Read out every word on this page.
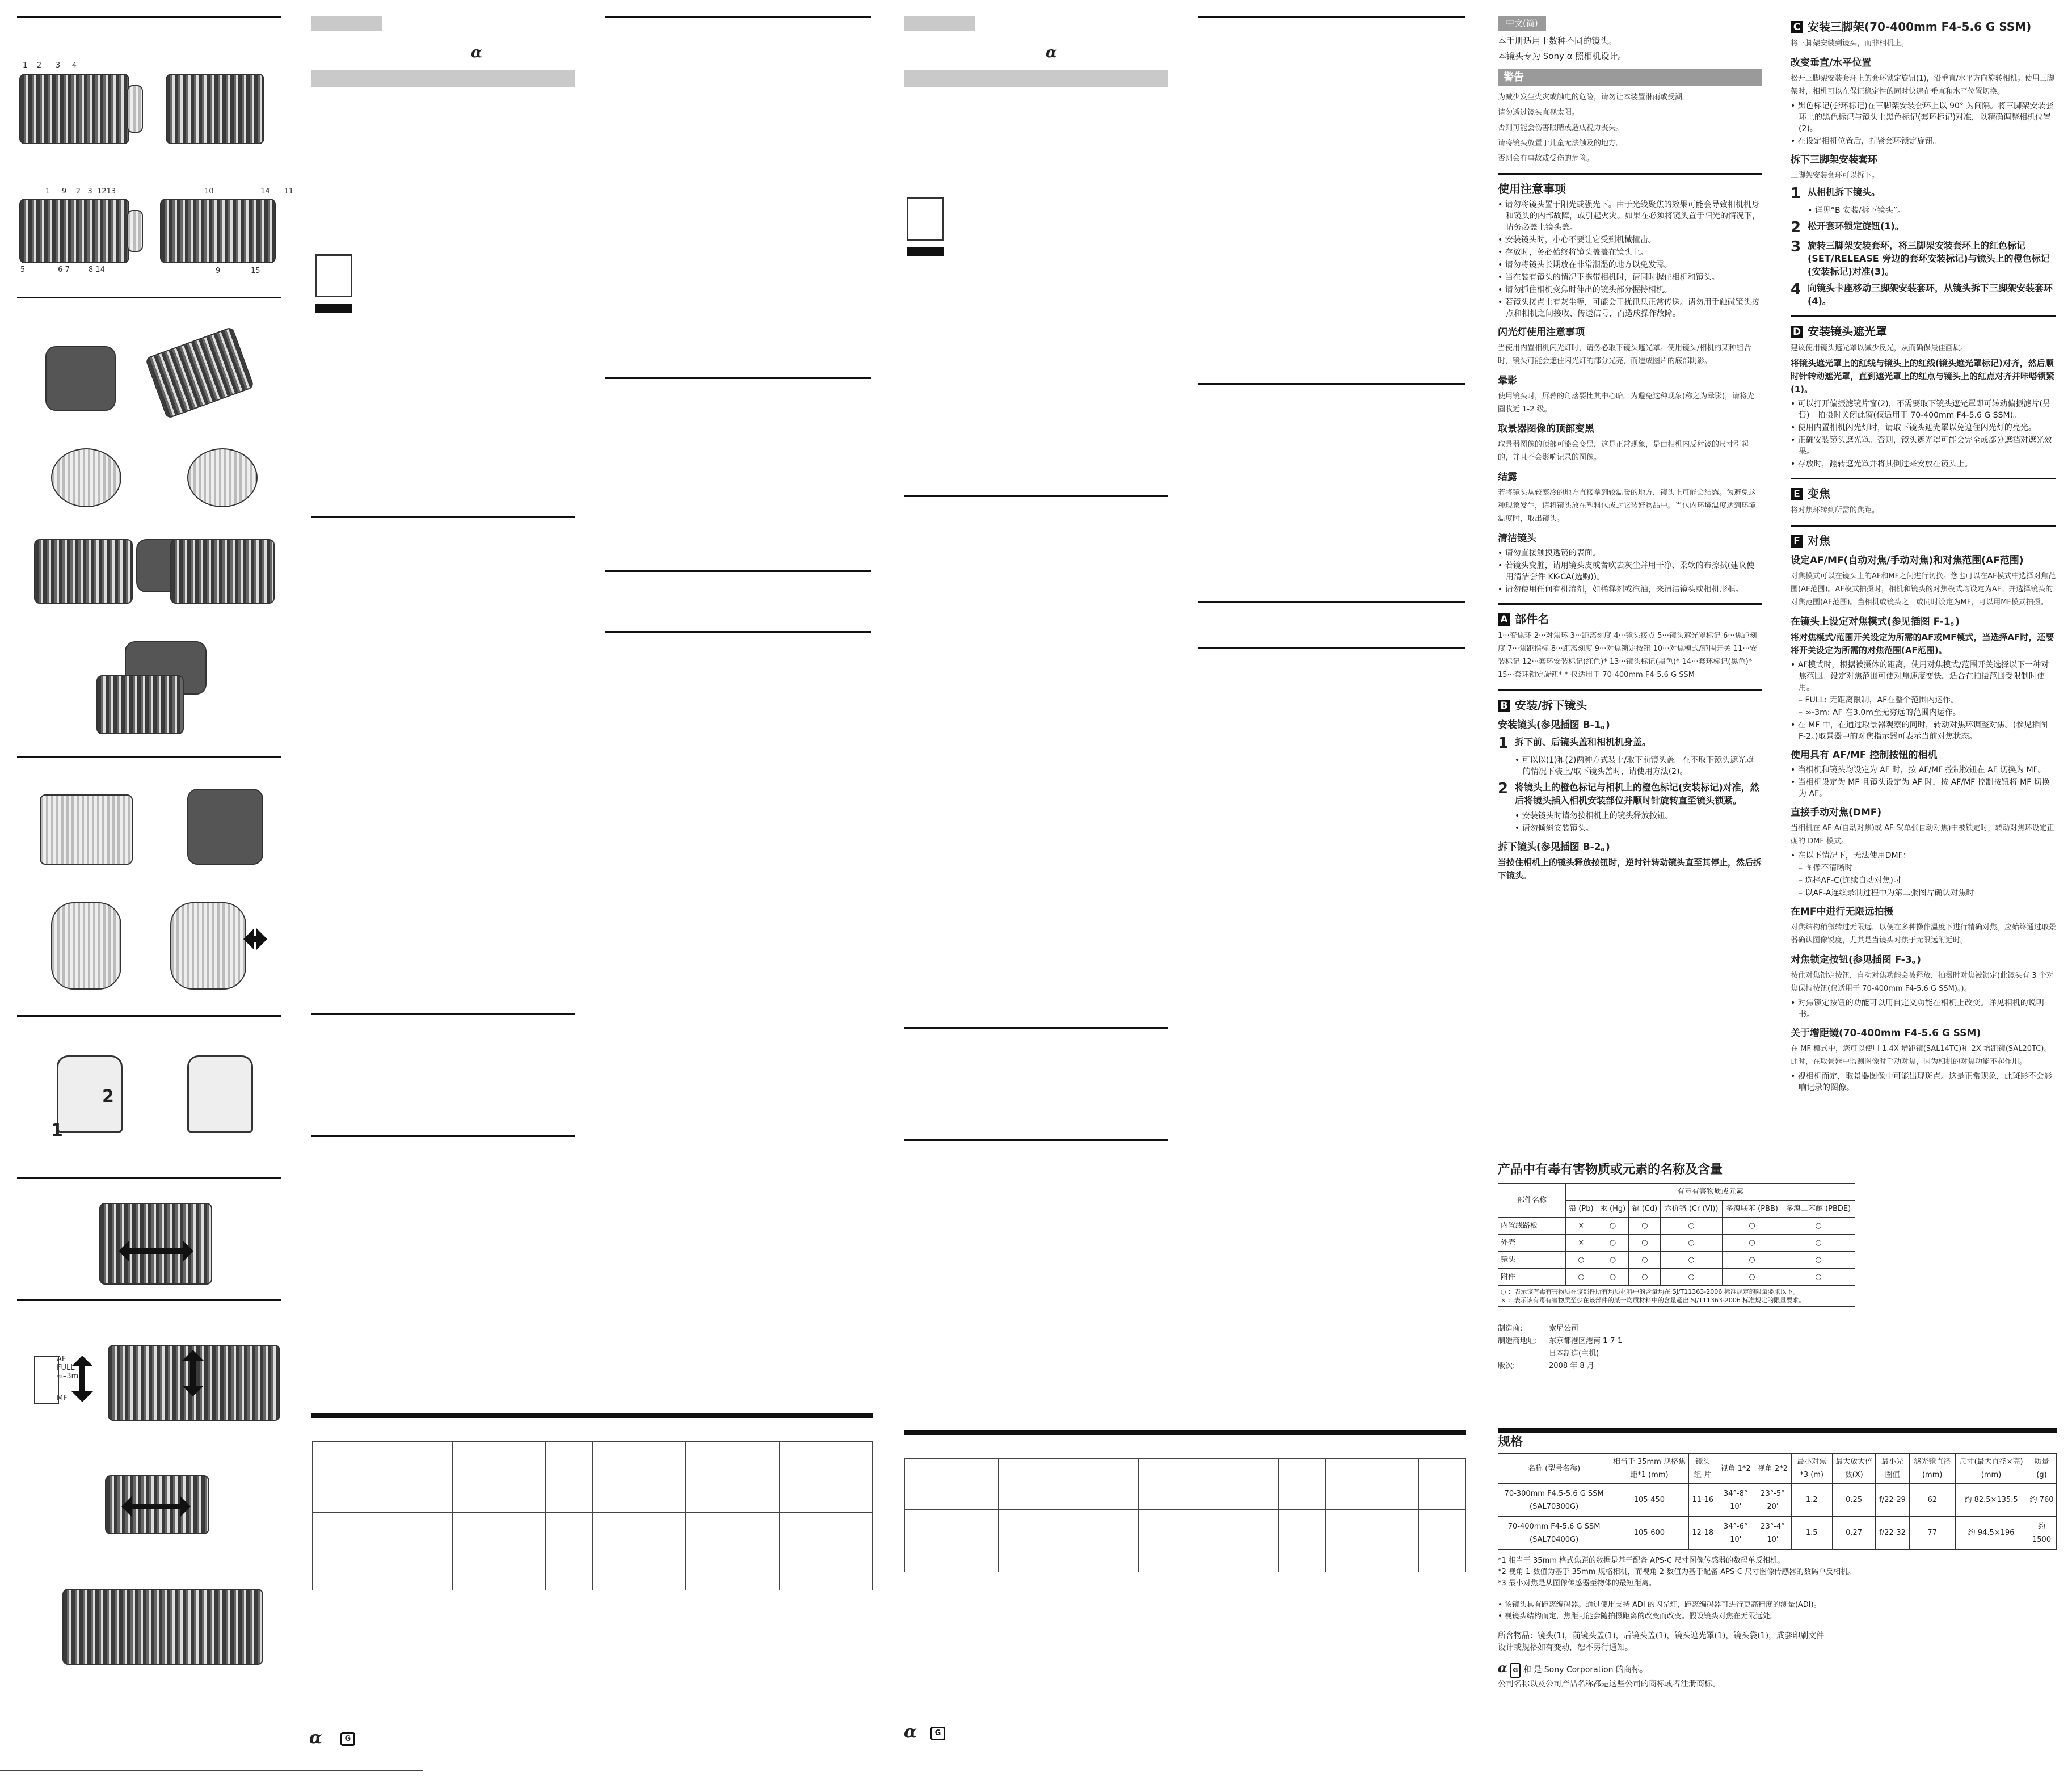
1 2 3 4
1 9 2 3 1213
5	6 7	8 14
10	14 11
9	15
2
1
AF
FULL
∞–3m
MF
α	G
α

α	G
α

中文(简)

本手册适用于数种不同的镜头。

本镜头专为 Sony α 照相机设计。

警告

为减少发生火灾或触电的危险，请勿让本装置淋雨或受潮。

请勿透过镜头直视太阳。

否则可能会伤害眼睛或造成视力丧失。

请将镜头放置于儿童无法触及的地方。

否则会有事故或受伤的危险。

使用注意事项
• 请勿将镜头置于阳光或强光下。由于光线聚焦的效果可能会导致相机机身和镜头的内部故障，或引起火灾。如果在必须将镜头置于阳光的情况下，请务必盖上镜头盖。
• 安装镜头时，小心不要让它受到机械撞击。
• 存放时，务必始终将镜头盖盖在镜头上。
• 请勿将镜头长期放在非常潮湿的地方以免发霉。
• 当在装有镜头的情况下携带相机时，请同时握住相机和镜头。
• 请勿抓住相机变焦时伸出的镜头部分握持相机。
• 若镜头接点上有灰尘等，可能会干扰讯息正常传送。请勿用手触碰镜头接点和相机之间接收、传送信号，而造成操作故障。
闪光灯使用注意事项

当使用内置相机闪光灯时，请务必取下镜头遮光罩。使用镜头/相机的某种组合时，镜头可能会遮住闪光灯的部分光亮，而造成图片的底部阴影。

晕影

使用镜头时，屏幕的角落要比其中心暗。为避免这种现象(称之为晕影)，请将光圈收近 1-2 级。

取景器图像的顶部变黑

取景器图像的顶部可能会变黑，这是正常现象，是由相机内反射镜的尺寸引起的，并且不会影响记录的图像。

结露

若将镜头从较寒冷的地方直接拿到较温暖的地方，镜头上可能会结露。为避免这种现象发生，请将镜头放在塑料包或封它装好物品中。当包内环境温度达到环境温度时，取出镜头。

清洁镜头
• 请勿直接触摸透镜的表面。
• 若镜头变脏，请用镜头皮或者吹去灰尘并用干净、柔软的布擦拭(建议使用清洁套件 KK-CA(选购))。
• 请勿使用任何有机溶剂，如稀释剂或汽油，来清洁镜头或相机形框。
A 部件名

1···变焦环 2···对焦环 3···距离刻度 4···镜头接点 5···镜头遮光罩标记 6···焦距刻度 7···焦距指标 8···距离刻度 9···对焦锁定按钮 10···对焦模式/范围开关 11···安装标记 12···套环安装标记(红色)* 13···镜头标记(黑色)* 14···套环标记(黑色)* 15···套环锁定旋钮* * 仅适用于 70-400mm F4-5.6 G SSM

B 安装/拆下镜头
安装镜头(参见插图 B-1。)
1 拆下前、后镜头盖和相机机身盖。
• 可以以(1)和(2)两种方式装上/取下前镜头盖。在不取下镜头遮光罩的情况下装上/取下镜头盖时，请使用方法(2)。
2 将镜头上的橙色标记与相机上的橙色标记(安装标记)对准，然后将镜头插入相机安装部位并顺时针旋转直至镜头锁紧。
• 安装镜头时请勿按相机上的镜头释放按钮。
• 请勿倾斜安装镜头。
拆下镜头(参见插图 B-2。)

当按住相机上的镜头释放按钮时，逆时针转动镜头直至其停止，然后拆下镜头。

C 安装三脚架(70-400mm F4-5.6 G SSM)

将三脚架安装到镜头，而非相机上。

改变垂直/水平位置

松开三脚架安装套环上的套环锁定旋钮(1)，沿垂直/水平方向旋转相机。使用三脚架时，相机可以在保证稳定性的同时快速在垂直和水平位置切换。

• 黑色标记(套环标记)在三脚架安装套环上以 90° 为间隔。将三脚架安装套环上的黑色标记与镜头上黑色标记(套环标记)对准，以精确调整相机位置(2)。
• 在设定相机位置后，拧紧套环锁定旋钮。
拆下三脚架安装套环

三脚架安装套环可以拆下。

1 从相机拆下镜头。
• 详见“B 安装/拆下镜头”。
2 松开套环锁定旋钮(1)。
3 旋转三脚架安装套环，将三脚架安装套环上的红色标记(SET/RELEASE 旁边的套环安装标记)与镜头上的橙色标记(安装标记)对准(3)。
4 向镜头卡座移动三脚架安装套环，从镜头拆下三脚架安装套环(4)。
D 安装镜头遮光罩

建议使用镜头遮光罩以减少反光，从而确保最佳画质。

将镜头遮光罩上的红线与镜头上的红线(镜头遮光罩标记)对齐，然后顺时针转动遮光罩，直到遮光罩上的红点与镜头上的红点对齐并咔嗒锁紧(1)。

• 可以打开偏振滤镜片窗(2)，不需要取下镜头遮光罩即可转动偏振滤片(另售)。拍摄时关闭此窗(仅适用于 70-400mm F4-5.6 G SSM)。
• 使用内置相机闪光灯时，请取下镜头遮光罩以免遮住闪光灯的亮光。
• 正确安装镜头遮光罩。否则，镜头遮光罩可能会完全或部分遮挡对遮光效果。
• 存放时，翻转遮光罩并将其倒过来安放在镜头上。
E 变焦

将对焦环转到所需的焦距。

F 对焦
设定AF/MF(自动对焦/手动对焦)和对焦范围(AF范围)

对焦模式可以在镜头上的AF和MF之间进行切换。您也可以在AF模式中选择对焦范围(AF范围)。AF模式拍摄时，相机和镜头的对焦模式均设定为AF。并选择镜头的对焦范围(AF范围)。当相机或镜头之一或同时设定为MF，可以用MF模式拍摄。

在镜头上设定对焦模式(参见插图 F-1。)

将对焦模式/范围开关设定为所需的AF或MF模式，当选择AF时，还要将开关设定为所需的对焦范围(AF范围)。

• AF模式时，根据被摄体的距离，使用对焦模式/范围开关选择以下一种对焦范围。设定对焦范围可使对焦速度变快，适合在拍摄范围受限制时使用。
– FULL: 无距离限制，AF在整个范围内运作。
– ∞-3m: AF 在3.0m至无穷远的范围内运作。
• 在 MF 中，在通过取景器观察的同时，转动对焦环调整对焦。(参见插图 F-2。)取景器中的对焦指示器可表示当前对焦状态。
使用具有 AF/MF 控制按钮的相机
• 当相机和镜头均设定为 AF 时，按 AF/MF 控制按钮在 AF 切换为 MF。
• 当相机设定为 MF 且镜头设定为 AF 时，按 AF/MF 控制按钮将 MF 切换为 AF。
直接手动对焦(DMF)

当相机在 AF-A(自动对焦)或 AF-S(单张自动对焦)中被锁定时，转动对焦环设定正确的 DMF 模式。

• 在以下情况下，无法使用DMF：
– 图像不清晰时
– 选择AF-C(连续自动对焦)时
– 以AF-A连续录制过程中为第二张图片确认对焦时
在MF中进行无限远拍摄

对焦结构稍微转过无限远，以便在多种操作温度下进行精确对焦。应始终通过取景器确认图像锐度，尤其是当镜头对焦于无限远附近时。

对焦锁定按钮(参见插图 F-3。)

按住对焦锁定按钮，自动对焦功能会被释放，拍摄时对焦被锁定(此镜头有 3 个对焦保持按钮(仅适用于 70-400mm F4-5.6 G SSM)。)。

• 对焦锁定按钮的功能可以用自定义功能在相机上改变。详见相机的说明书。
关于增距镜(70-400mm F4-5.6 G SSM)

在 MF 模式中，您可以使用 1.4X 增距镜(SAL14TC)和 2X 增距镜(SAL20TC)。此时，在取景器中监测图像时手动对焦，因为相机的对焦功能不起作用。

• 视相机而定，取景器图像中可能出现斑点。这是正常现象，此斑影不会影响记录的图像。
产品中有毒有害物质或元素的名称及含量
部件名称	有毒有害物质或元素					
	铅 (Pb)	汞 (Hg)	镉 (Cd)	六价铬 (Cr (VI))	多溴联苯 (PBB)	多溴二苯醚 (PBDE)
内置线路板	×	○	○	○	○	○
外壳	×	○	○	○	○	○
镜头	○	○	○	○	○	○
附件	○	○	○	○	○	○

○ ：表示该有毒有害物质在该部件所有均质材料中的含量均在 SJ/T11363-2006 标准规定的限量要求以下。
× ：表示该有毒有害物质至少在该部件的某一均质材料中的含量超出 SJ/T11363-2006 标准规定的限量要求。						
制造商:	索尼公司
制造商地址: 东京都港区港南 1-7-1
日本制造(主机)
版次:	2008 年 8 月
规格
名称 (型号名称)	相当于 35mm 规格焦距*1 (mm)	镜头组-片	视角 1*2	视角 2*2	最小对焦*3 (m)	最大放大倍数(X)	最小光圈值	滤光镜直径(mm)	尺寸(最大直径×高)(mm)	质量(g)
70-300mm F4.5-5.6 G SSM (SAL70300G)	105-450	11-16	34°-8° 10'	23°-5° 20'	1.2	0.25	f/22-29	62	约 82.5×135.5	约 760
70-400mm F4-5.6 G SSM (SAL70400G)	105-600	12-18	34°-6° 10'	23°-4° 10'	1.5	0.27	f/22-32	77	约 94.5×196	约 1500
*1 相当于 35mm 格式焦距的数据是基于配备 APS-C 尺寸图像传感器的数码单反相机。
*2 视角 1 数值为基于 35mm 规格相机，而视角 2 数值为基于配备 APS-C 尺寸图像传感器的数码单反相机。
*3 最小对焦是从图像传感器至物体的最短距离。
• 该镜头具有距离编码器。通过使用支持 ADI 的闪光灯，距离编码器可进行更高精度的测量(ADI)。
• 视镜头结构而定，焦距可能会随拍摄距离的改变而改变。假设镜头对焦在无限远处。
所含物品：镜头(1)，前镜头盖(1)，后镜头盖(1)，镜头遮光罩(1)，镜头袋(1)，成套印刷文件
设计或规格如有变动，恕不另行通知。
α G 和 是 Sony Corporation 的商标。
公司名称以及公司产品名称都是这些公司的商标或者注册商标。
